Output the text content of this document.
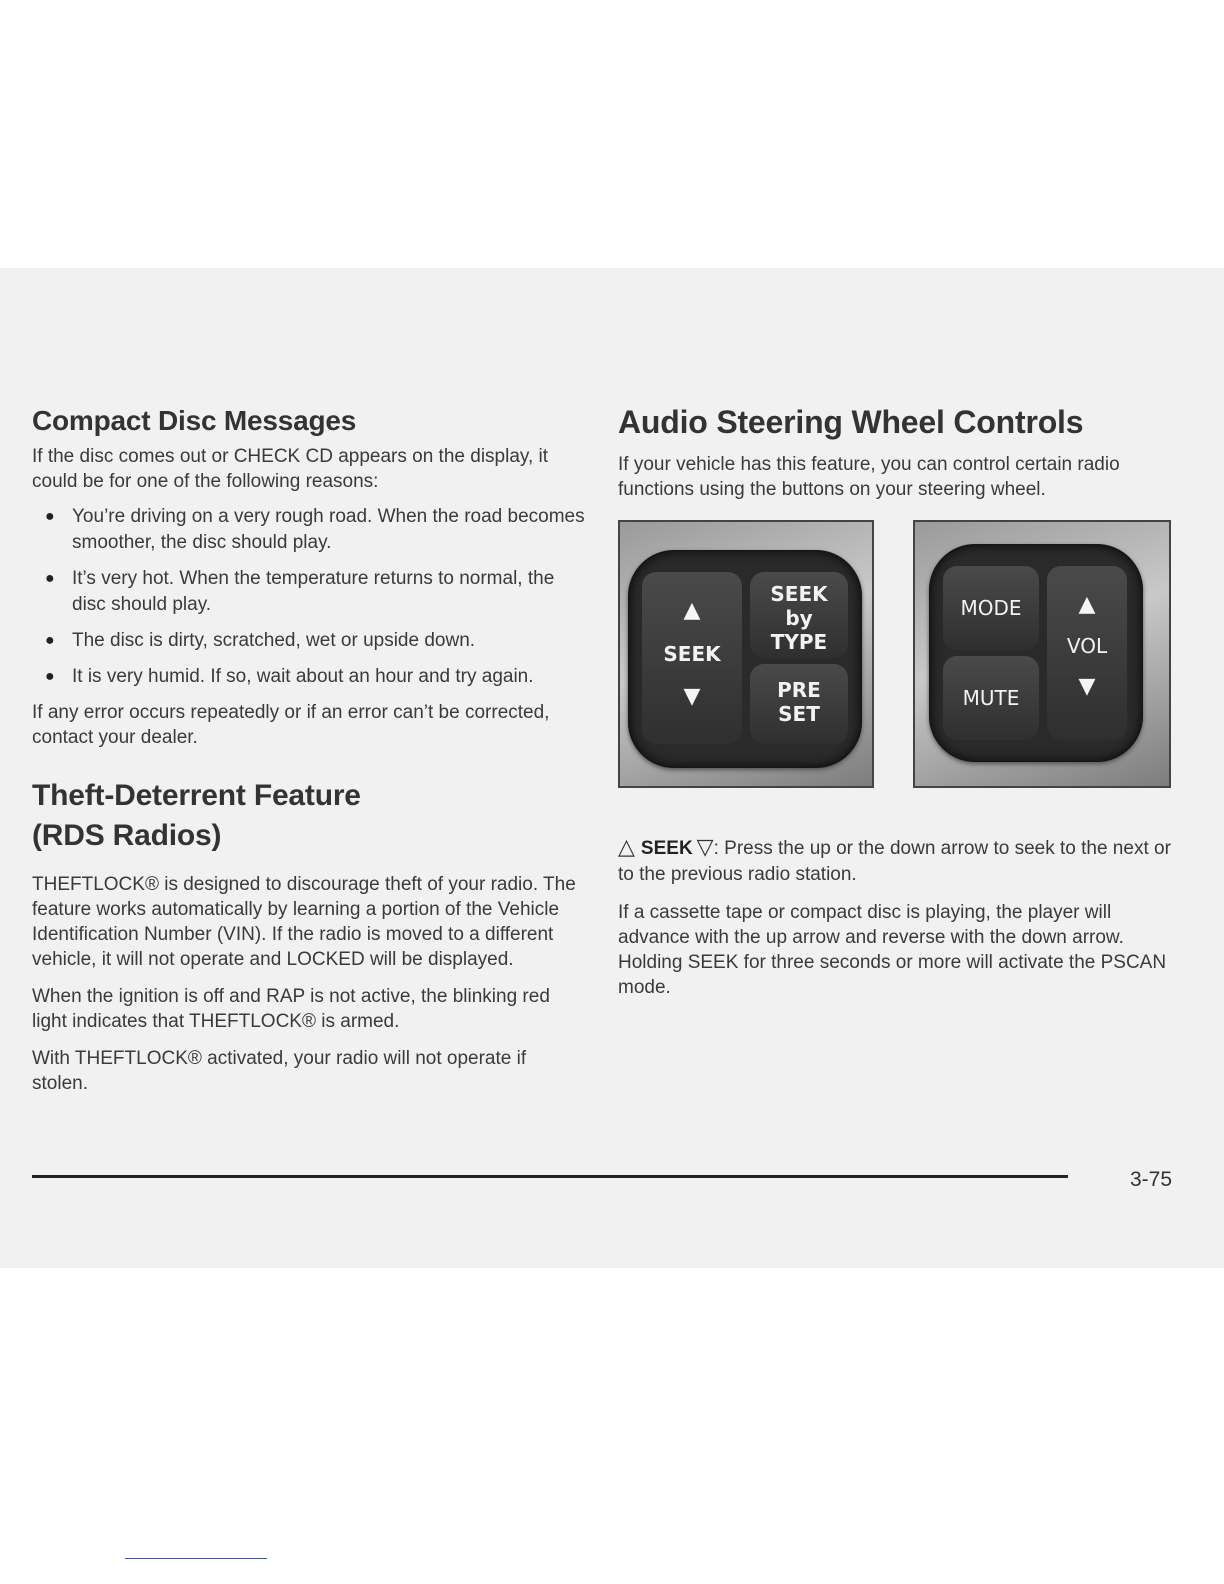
Compact Disc Messages

If the disc comes out or CHECK CD appears on the display, it could be for one of the following reasons:

● You’re driving on a very rough road. When the road becomes smoother, the disc should play.
● It’s very hot. When the temperature returns to normal, the disc should play.
● The disc is dirty, scratched, wet or upside down.
● It is very humid. If so, wait about an hour and try again.

If any error occurs repeatedly or if an error can’t be corrected, contact your dealer.

Theft-Deterrent Feature
(RDS Radios)

THEFTLOCK® is designed to discourage theft of your radio. The feature works automatically by learning a portion of the Vehicle Identification Number (VIN). If the radio is moved to a different vehicle, it will not operate and LOCKED will be displayed.

When the ignition is off and RAP is not active, the blinking red light indicates that THEFTLOCK® is armed.

With THEFTLOCK® activated, your radio will not operate if stolen.

Audio Steering Wheel Controls

If your vehicle has this feature, you can control certain radio functions using the buttons on your steering wheel.

▲
SEEK
▼
SEEK
by
TYPE
PRE
SET
MODE
MUTE
▲
VOL
▼

△ SEEK ▽: Press the up or the down arrow to seek to the next or to the previous radio station.

If a cassette tape or compact disc is playing, the player will advance with the up arrow and reverse with the down arrow. Holding SEEK for three seconds or more will activate the PSCAN mode.

3-75
